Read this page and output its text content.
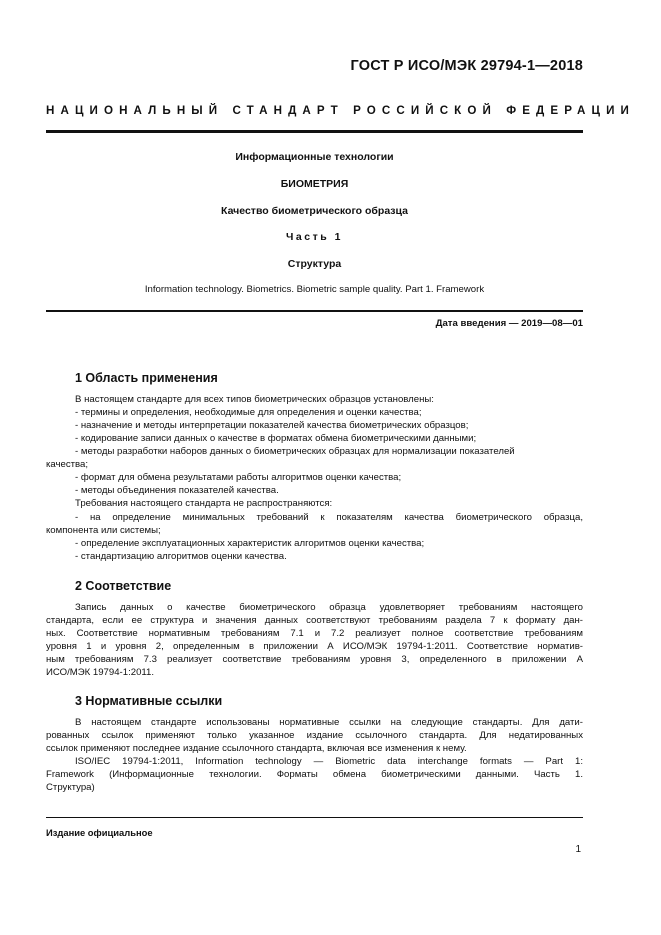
ГОСТ Р ИСО/МЭК 29794-1—2018
НАЦИОНАЛЬНЫЙ СТАНДАРТ РОССИЙСКОЙ ФЕДЕРАЦИИ
Информационные технологии
БИОМЕТРИЯ
Качество биометрического образца
Часть 1
Структура
Information technology. Biometrics. Biometric sample quality. Part 1. Framework
Дата введения — 2019—08—01
1 Область применения
В настоящем стандарте для всех типов биометрических образцов установлены:
- термины и определения, необходимые для определения и оценки качества;
- назначение и методы интерпретации показателей качества биометрических образцов;
- кодирование записи данных о качестве в форматах обмена биометрическими данными;
- методы разработки наборов данных о биометрических образцах для нормализации показателей
качества;
- формат для обмена результатами работы алгоритмов оценки качества;
- методы объединения показателей качества.
Требования настоящего стандарта не распространяются:
- на определение минимальных требований к показателям качества биометрического образца,
компонента или системы;
- определение эксплуатационных характеристик алгоритмов оценки качества;
- стандартизацию алгоритмов оценки качества.
2 Соответствие
Запись данных о качестве биометрического образца удовлетворяет требованиям настоящего
стандарта, если ее структура и значения данных соответствуют требованиям раздела 7 к формату дан-
ных. Соответствие нормативным требованиям 7.1 и 7.2 реализует полное соответствие требованиям
уровня 1 и уровня 2, определенным в приложении А ИСО/МЭК 19794-1:2011. Соответствие норматив-
ным требованиям 7.3 реализует соответствие требованиям уровня 3, определенного в приложении А
ИСО/МЭК 19794-1:2011.
3 Нормативные ссылки
В настоящем стандарте использованы нормативные ссылки на следующие стандарты. Для дати-
рованных ссылок применяют только указанное издание ссылочного стандарта. Для недатированных
ссылок применяют последнее издание ссылочного стандарта, включая все изменения к нему.
ISO/IEC 19794-1:2011, Information technology — Biometric data interchange formats — Part 1:
Framework (Информационные технологии. Форматы обмена биометрическими данными. Часть 1.
Структура)
Издание официальное
1
